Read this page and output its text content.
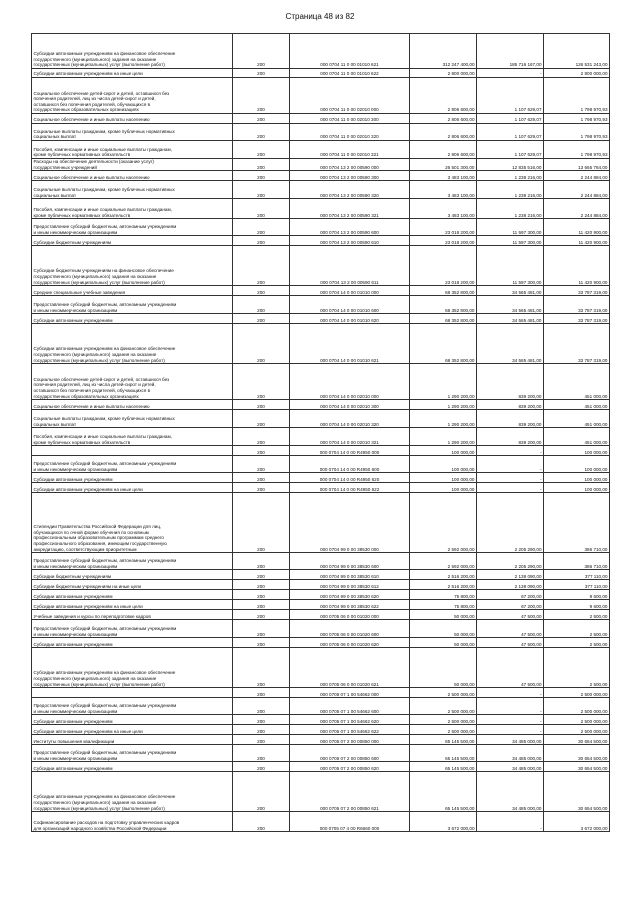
Страница 48 из 82
Субсидии автономным учреждениям на финансовое обеспечение
государственного (муниципального) задания на оказание
государственных (муниципальных) услуг (выполнение работ)	200	000 0704 11 0 00 01010 621	312 247 400,00	185 716 167,00	126 531 243,00
Субсидии автономным учреждениям на иные цели	200	000 0704 11 0 00 01010 622	2 800 000,00	-	2 800 000,00
Социальное обеспечение детей-сирот и детей, оставшихся без
попечения родителей, лиц из числа детей-сирот и детей,
оставшихся без попечения родителей, обучающихся в
государственных образовательных организациях	200	000 0704 11 0 00 02010 000	2 806 600,00	1 107 629,07	1 798 970,93
Социальное обеспечение и иные выплаты населению	200	000 0704 11 0 00 02010 300	2 806 600,00	1 107 629,07	1 798 970,93
Социальные выплаты гражданам, кроме публичных нормативных
социальных выплат	200	000 0704 11 0 00 02010 320	2 806 600,00	1 107 629,07	1 798 970,93
Пособия, компенсации и иные социальные выплаты гражданам,
кроме публичных нормативных обязательств	200	000 0704 11 0 00 02010 321	2 806 600,00	1 107 629,07	1 798 970,93
Расходы на обеспечение деятельности (оказание услуг)
государственных учреждений	200	000 0704 13 2 00 00590 000	26 501 300,00	12 835 516,00	13 665 784,00
Социальное обеспечение и иные выплаты населению	200	000 0704 13 2 00 00590 300	3 483 100,00	1 238 216,00	2 244 884,00
Социальные выплаты гражданам, кроме публичных нормативных
социальных выплат	200	000 0704 13 2 00 00590 320	3 483 100,00	1 238 216,00	2 244 884,00
Пособия, компенсации и иные социальные выплаты гражданам,
кроме публичных нормативных обязательств	200	000 0704 13 2 00 00590 321	3 483 100,00	1 238 216,00	2 244 884,00
Предоставление субсидий бюджетным, автономным учреждениям
и иным некоммерческим организациям	200	000 0704 13 2 00 00590 600	23 018 200,00	11 597 300,00	11 420 900,00
Субсидии бюджетным учреждениям	200	000 0704 13 2 00 00590 610	23 018 200,00	11 597 300,00	11 420 900,00
Субсидии бюджетным учреждениям на финансовое обеспечение
государственного (муниципального) задания на оказание
государственных (муниципальных) услуг (выполнение работ)	200	000 0704 13 2 00 00590 611	23 018 200,00	11 597 300,00	11 420 900,00
Средние специальные учебные заведения	200	000 0704 14 0 00 01010 000	68 352 800,00	34 565 481,00	33 787 319,00
Предоставление субсидий бюджетным, автономным учреждениям
и иным некоммерческим организациям	200	000 0704 14 0 00 01010 600	68 352 800,00	34 565 481,00	33 787 319,00
Субсидии автономным учреждениям	200	000 0704 14 0 00 01010 620	68 352 800,00	34 565 481,00	33 787 319,00
Субсидии автономным учреждениям на финансовое обеспечение
государственного (муниципального) задания на оказание
государственных (муниципальных) услуг (выполнение работ)	200	000 0704 14 0 00 01010 621	68 352 800,00	34 565 481,00	33 787 319,00
Социальное обеспечение детей-сирот и детей, оставшихся без
попечения родителей, лиц из числа детей-сирот и детей,
оставшихся без попечения родителей, обучающихся в
государственных образовательных организациях	200	000 0704 14 0 00 02010 000	1 290 200,00	839 200,00	451 000,00
Социальное обеспечение и иные выплаты населению	200	000 0704 14 0 00 02010 300	1 290 200,00	839 200,00	451 000,00
Социальные выплаты гражданам, кроме публичных нормативных
социальных выплат	200	000 0704 14 0 00 02010 320	1 290 200,00	839 200,00	451 000,00
Пособия, компенсации и иные социальные выплаты гражданам,
кроме публичных нормативных обязательств	200	000 0704 14 0 00 02010 321	1 290 200,00	839 200,00	451 000,00
	200	000 0704 14 0 00 R4950 000	100 000,00	-	100 000,00
Предоставление субсидий бюджетным, автономным учреждениям
и иным некоммерческим организациям	200	000 0704 14 0 00 R4950 600	100 000,00	-	100 000,00
Субсидии автономным учреждениям	200	000 0704 14 0 00 R4950 620	100 000,00	-	100 000,00
Субсидии автономным учреждениям на иные цели	200	000 0704 14 0 00 R4950 622	100 000,00	-	100 000,00
Стипендии Правительства Российской Федерации для лиц,
обучающихся по очной форме обучения по основным
профессиональным образовательным программам среднего
профессионального образования, имеющим государственную
аккредитацию, соответствующим приоритетным	200	000 0704 99 0 00 38530 000	2 592 000,00	2 205 290,00	386 710,00
Предоставление субсидий бюджетным, автономным учреждениям
и иным некоммерческим организациям	200	000 0704 99 0 00 38530 600	2 592 000,00	2 205 290,00	386 710,00
Субсидии бюджетным учреждениям	200	000 0704 99 0 00 38530 610	2 516 200,00	2 138 090,00	377 110,00
Субсидии бюджетным учреждениям на иные цели	200	000 0704 99 0 00 38530 612	2 516 200,00	2 138 090,00	377 110,00
Субсидии автономным учреждениям	200	000 0704 99 0 00 38530 620	75 800,00	67 200,00	9 600,00
Субсидии автономным учреждениям на иные цели	200	000 0704 99 0 00 38530 622	75 800,00	67 200,00	9 600,00
Учебные заведения и курсы по переподготовке кадров	200	000 0705 06 0 00 01020 000	50 000,00	47 500,00	2 500,00
Предоставление субсидий бюджетным, автономным учреждениям
и иным некоммерческим организациям	200	000 0705 06 0 00 01020 600	50 000,00	47 500,00	2 500,00
Субсидии автономным учреждениям	200	000 0705 06 0 00 01020 620	50 000,00	47 500,00	2 500,00
Субсидии автономным учреждениям на финансовое обеспечение
государственного (муниципального) задания на оказание
государственных (муниципальных) услуг (выполнение работ)	200	000 0705 06 0 00 01020 621	50 000,00	47 500,00	2 500,00
	200	000 0705 07 1 00 54662 000	2 500 000,00	-	2 500 000,00
Предоставление субсидий бюджетным, автономным учреждениям
и иным некоммерческим организациям	200	000 0705 07 1 00 54662 600	2 500 000,00	-	2 500 000,00
Субсидии автономным учреждениям	200	000 0705 07 1 00 54662 620	2 500 000,00	-	2 500 000,00
Субсидии автономным учреждениям на иные цели	200	000 0705 07 1 00 54662 622	2 500 000,00	-	2 500 000,00
Институты повышения квалификации	200	000 0705 07 2 00 00850 000	65 145 500,00	34 485 000,00	30 654 500,00
Предоставление субсидий бюджетным, автономным учреждениям
и иным некоммерческим организациям	200	000 0705 07 2 00 00850 600	65 145 500,00	34 485 000,00	30 654 500,00
Субсидии автономным учреждениям	200	000 0705 07 2 00 00850 620	65 145 500,00	34 485 000,00	30 654 500,00
Субсидии автономным учреждениям на финансовое обеспечение
государственного (муниципального) задания на оказание
государственных (муниципальных) услуг (выполнение работ)	200	000 0705 07 2 00 00850 621	65 145 500,00	34 485 000,00	30 654 500,00
Софинансирование расходов на подготовку управленческих кадров
для организаций народного хозяйства Российской Федерации	200	000 0705 07 4 00 R6660 000	3 672 000,00	-	3 672 000,00
